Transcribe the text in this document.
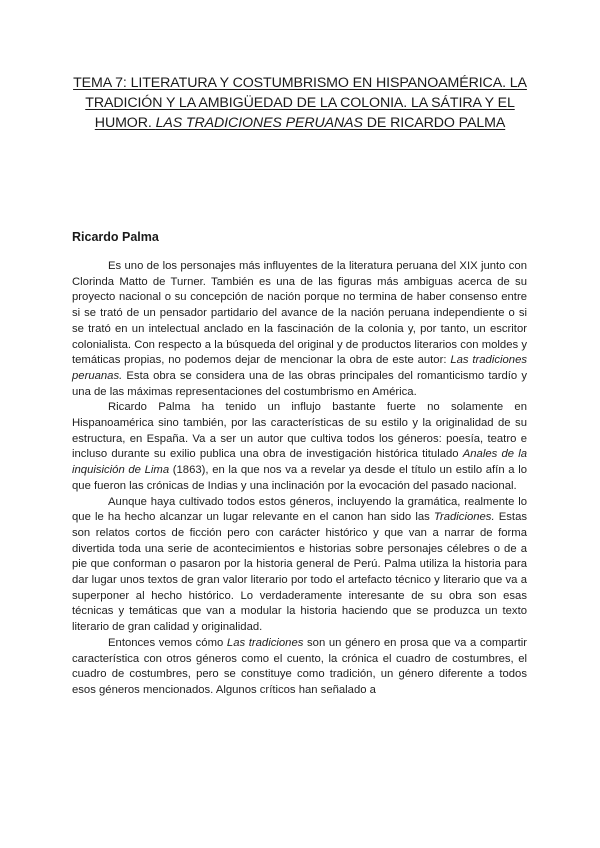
TEMA 7: LITERATURA Y COSTUMBRISMO EN HISPANOAMÉRICA. LA TRADICIÓN Y LA AMBIGÜEDAD DE LA COLONIA. LA SÁTIRA Y EL HUMOR. LAS TRADICIONES PERUANAS DE RICARDO PALMA
Ricardo Palma

Es uno de los personajes más influyentes de la literatura peruana del XIX junto con Clorinda Matto de Turner. También es una de las figuras más ambiguas acerca de su proyecto nacional o su concepción de nación porque no termina de haber consenso entre si se trató de un pensador partidario del avance de la nación peruana independiente o si se trató en un intelectual anclado en la fascinación de la colonia y, por tanto, un escritor colonialista. Con respecto a la búsqueda del original y de productos literarios con moldes y temáticas propias, no podemos dejar de mencionar la obra de este autor: Las tradiciones peruanas. Esta obra se considera una de las obras principales del romanticismo tardío y una de las máximas representaciones del costumbrismo en América.

Ricardo Palma ha tenido un influjo bastante fuerte no solamente en Hispanoamérica sino también, por las características de su estilo y la originalidad de su estructura, en España. Va a ser un autor que cultiva todos los géneros: poesía, teatro e incluso durante su exilio publica una obra de investigación histórica titulado Anales de la inquisición de Lima (1863), en la que nos va a revelar ya desde el título un estilo afín a lo que fueron las crónicas de Indias y una inclinación por la evocación del pasado nacional.

Aunque haya cultivado todos estos géneros, incluyendo la gramática, realmente lo que le ha hecho alcanzar un lugar relevante en el canon han sido las Tradiciones. Estas son relatos cortos de ficción pero con carácter histórico y que van a narrar de forma divertida toda una serie de acontecimientos e historias sobre personajes célebres o de a pie que conforman o pasaron por la historia general de Perú. Palma utiliza la historia para dar lugar unos textos de gran valor literario por todo el artefacto técnico y literario que va a superponer al hecho histórico. Lo verdaderamente interesante de su obra son esas técnicas y temáticas que van a modular la historia haciendo que se produzca un texto literario de gran calidad y originalidad.

Entonces vemos cómo Las tradiciones son un género en prosa que va a compartir característica con otros géneros como el cuento, la crónica el cuadro de costumbres, el cuadro de costumbres, pero se constituye como tradición, un género diferente a todos esos géneros mencionados. Algunos críticos han señalado a
